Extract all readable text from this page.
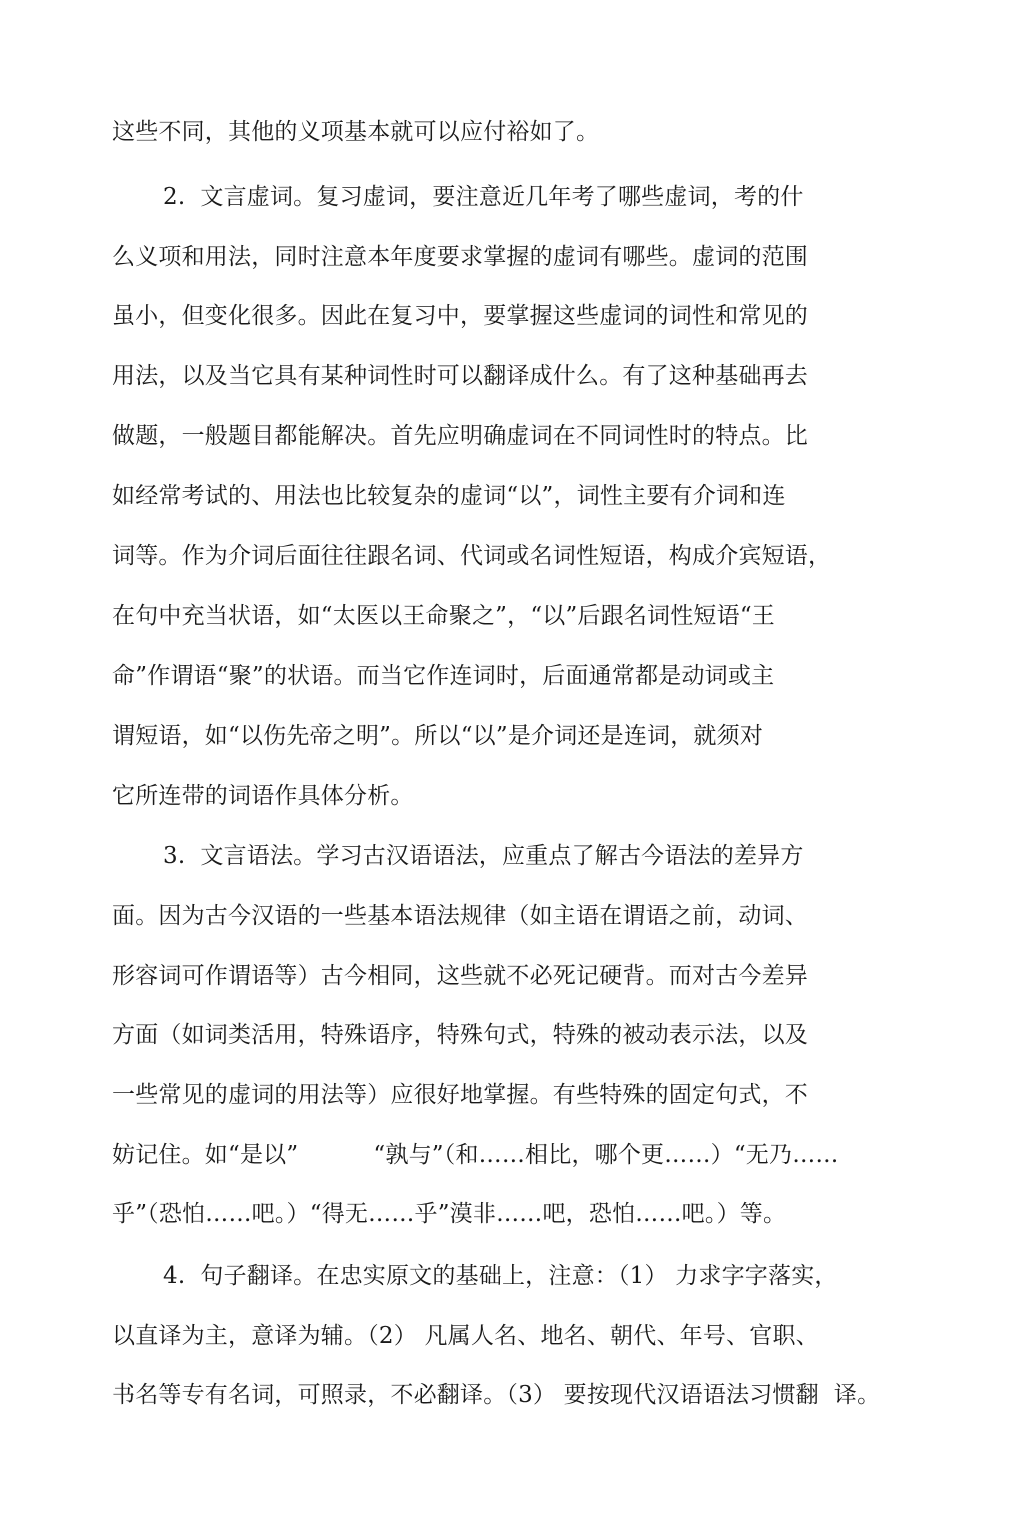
这些不同，其他的义项基本就可以应付裕如了。
2.  文言虚词。复习虚词，要注意近几年考了哪些虚词，考的什
么义项和用法，同时注意本年度要求掌握的虚词有哪些。虚词的范围
虽小，但变化很多。因此在复习中，要掌握这些虚词的词性和常见的
用法，以及当它具有某种词性时可以翻译成什么。有了这种基础再去
做题，一般题目都能解决。首先应明确虚词在不同词性时的特点。比
如经常考试的、用法也比较复杂的虚词“以”，词性主要有介词和连
词等。作为介词后面往往跟名词、代词或名词性短语，构成介宾短语，
在句中充当状语，如“太医以王命聚之”，“以”后跟名词性短语“王
命”作谓语“聚”的状语。而当它作连词时，后面通常都是动词或主
谓短语，如“以伤先帝之明”。所以“以”是介词还是连词，就须对
它所连带的词语作具体分析。
3.  文言语法。学习古汉语语法，应重点了解古今语法的差异方
面。因为古今汉语的一些基本语法规律（如主语在谓语之前，动词、
形容词可作谓语等）古今相同，这些就不必死记硬背。而对古今差异
方面（如词类活用，特殊语序，特殊句式，特殊的被动表示法，以及
一些常见的虚词的用法等）应很好地掌握。有些特殊的固定句式，不
妨记住。如“是以”          “孰与”（和……相比，哪个更……）“无乃……
乎”（恐怕……吧。）“得无……乎”漠非……吧，恐怕……吧。）等。
4.  句子翻译。在忠实原文的基础上，注意：（1） 力求字字落实，
以直译为主，意译为辅。（2） 凡属人名、地名、朝代、年号、官职、
书名等专有名词，可照录，不必翻译。（3） 要按现代汉语语法习惯翻  译。
